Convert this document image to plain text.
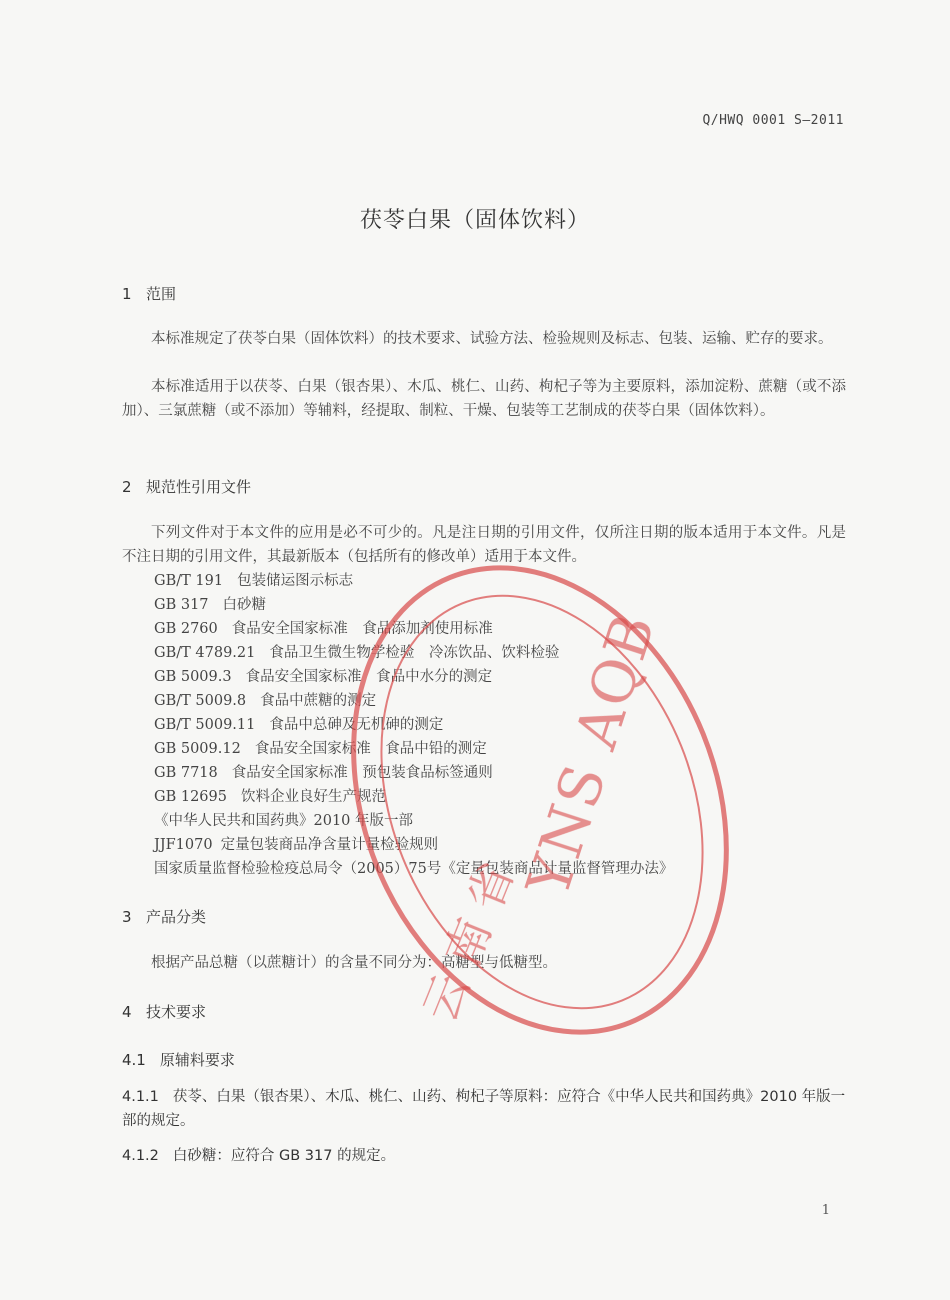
Q/HWQ 0001 S—2011
茯苓白果（固体饮料）
1 范围
本标准规定了茯苓白果（固体饮料）的技术要求、试验方法、检验规则及标志、包装、运输、贮存的要求。
本标准适用于以茯苓、白果（银杏果）、木瓜、桃仁、山药、枸杞子等为主要原料，添加淀粉、蔗糖（或不添加）、三氯蔗糖（或不添加）等辅料，经提取、制粒、干燥、包装等工艺制成的茯苓白果（固体饮料）。
2 规范性引用文件
下列文件对于本文件的应用是必不可少的。凡是注日期的引用文件，仅所注日期的版本适用于本文件。凡是不注日期的引用文件，其最新版本（包括所有的修改单）适用于本文件。
GB/T 191 包装储运图示标志
GB 317 白砂糖
GB 2760 食品安全国家标准　食品添加剂使用标准
GB/T 4789.21 食品卫生微生物学检验　冷冻饮品、饮料检验
GB 5009.3 食品安全国家标准　食品中水分的测定
GB/T 5009.8 食品中蔗糖的测定
GB/T 5009.11 食品中总砷及无机砷的测定
GB 5009.12 食品安全国家标准　食品中铅的测定
GB 7718 食品安全国家标准　预包装食品标签通则
GB 12695 饮料企业良好生产规范
《中华人民共和国药典》2010 年版一部
JJF1070 定量包装商品净含量计量检验规则
国家质量监督检验检疫总局令（2005）75号《定量包装商品计量监督管理办法》
3 产品分类
根据产品总糖（以蔗糖计）的含量不同分为：高糖型与低糖型。
4 技术要求
4.1 原辅料要求
4.1.1 茯苓、白果（银杏果）、木瓜、桃仁、山药、枸杞子等原料：应符合《中华人民共和国药典》2010 年版一部的规定。
4.1.2 白砂糖：应符合 GB 317 的规定。
1
YNS AQB
云南省
